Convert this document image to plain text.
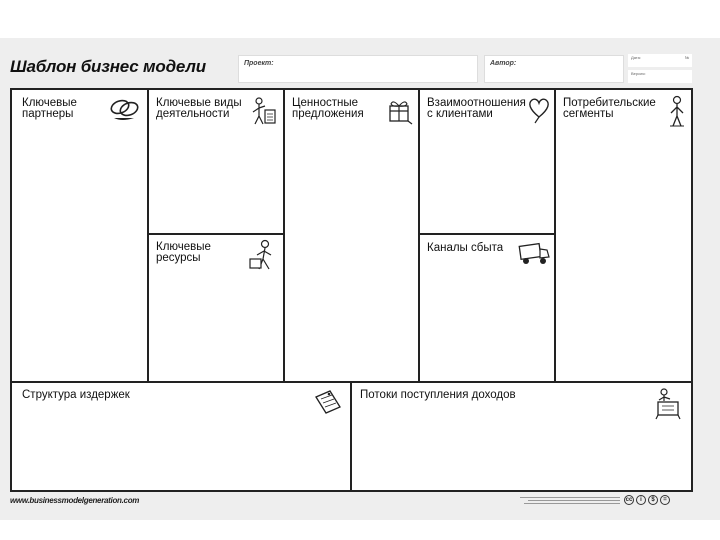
Шаблон бизнес модели	Проект:	Автор:
Дата:	№
Версия:
Ключевые
партнеры
Ключевые виды
деятельности
Ключевые
ресурсы
Ценностные
предложения
Взаимоотношения
с клиентами
Каналы сбыта
Потребительские
сегменты
Структура издержек	Потоки поступления доходов
www.businessmodelgeneration.com	cc	i	$	=
